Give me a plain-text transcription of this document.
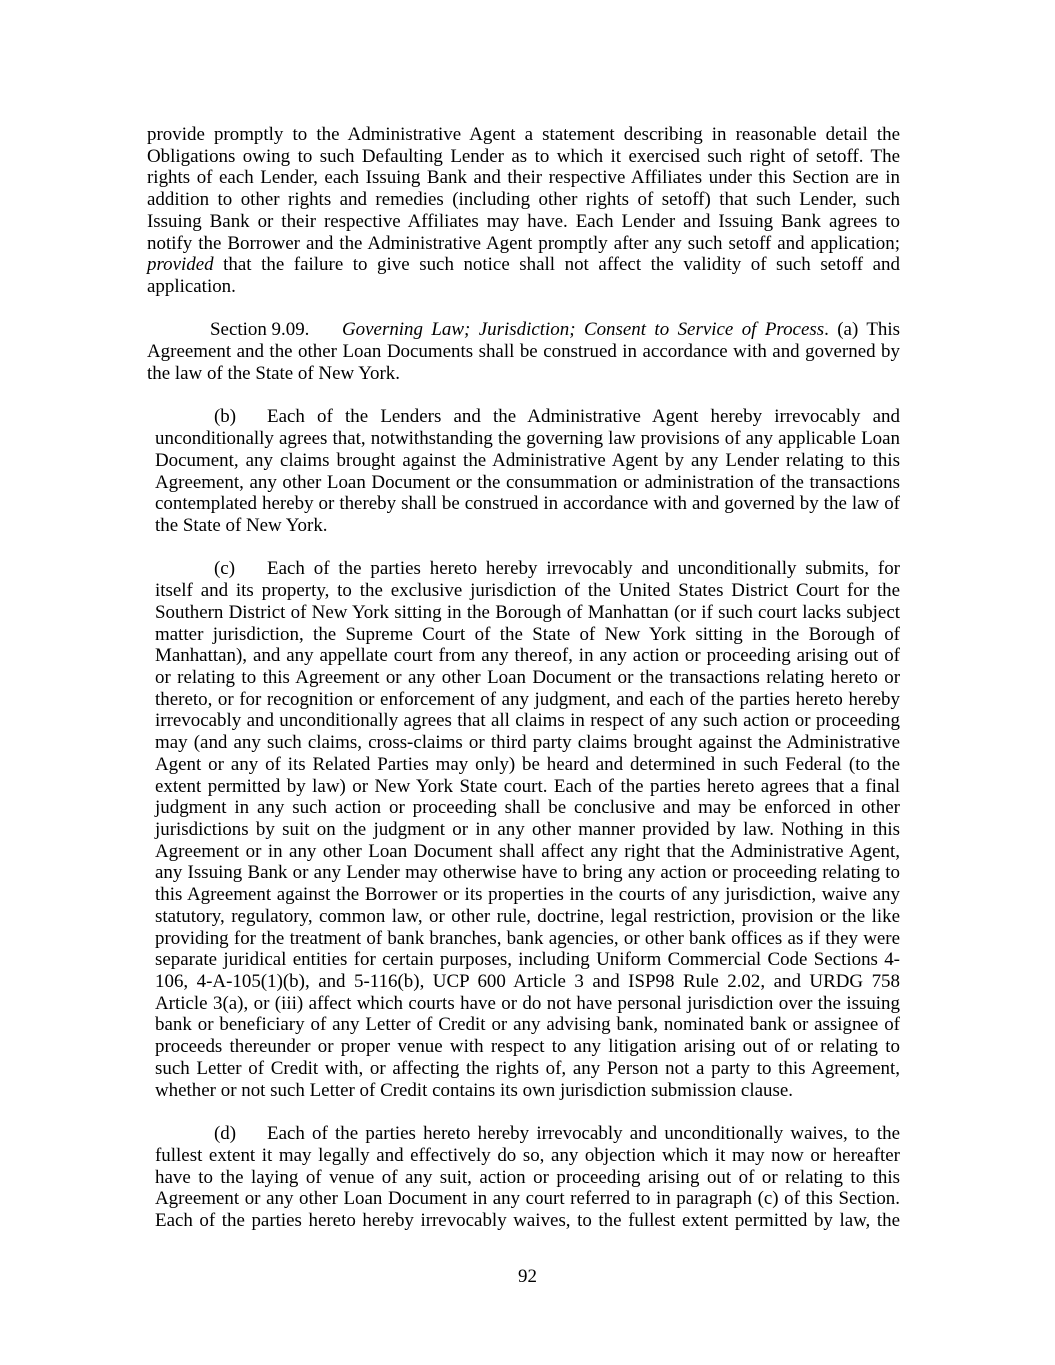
provide promptly to the Administrative Agent a statement describing in reasonable detail the
Obligations owing to such Defaulting Lender as to which it exercised such right of setoff. The
rights of each Lender, each Issuing Bank and their respective Affiliates under this Section are in
addition to other rights and remedies (including other rights of setoff) that such Lender, such
Issuing Bank or their respective Affiliates may have. Each Lender and Issuing Bank agrees to
notify the Borrower and the Administrative Agent promptly after any such setoff and application;
provided that the failure to give such notice shall not affect the validity of such setoff and
application.
Section 9.09. Governing Law; Jurisdiction; Consent to Service of Process. (a) This
Agreement and the other Loan Documents shall be construed in accordance with and governed by
the law of the State of New York.
(b) Each of the Lenders and the Administrative Agent hereby irrevocably and
unconditionally agrees that, notwithstanding the governing law provisions of any applicable Loan
Document, any claims brought against the Administrative Agent by any Lender relating to this
Agreement, any other Loan Document or the consummation or administration of the transactions
contemplated hereby or thereby shall be construed in accordance with and governed by the law of
the State of New York.
(c) Each of the parties hereto hereby irrevocably and unconditionally submits, for
itself and its property, to the exclusive jurisdiction of the United States District Court for the
Southern District of New York sitting in the Borough of Manhattan (or if such court lacks subject
matter jurisdiction, the Supreme Court of the State of New York sitting in the Borough of
Manhattan), and any appellate court from any thereof, in any action or proceeding arising out of
or relating to this Agreement or any other Loan Document or the transactions relating hereto or
thereto, or for recognition or enforcement of any judgment, and each of the parties hereto hereby
irrevocably and unconditionally agrees that all claims in respect of any such action or proceeding
may (and any such claims, cross-claims or third party claims brought against the Administrative
Agent or any of its Related Parties may only) be heard and determined in such Federal (to the
extent permitted by law) or New York State court. Each of the parties hereto agrees that a final
judgment in any such action or proceeding shall be conclusive and may be enforced in other
jurisdictions by suit on the judgment or in any other manner provided by law. Nothing in this
Agreement or in any other Loan Document shall affect any right that the Administrative Agent,
any Issuing Bank or any Lender may otherwise have to bring any action or proceeding relating to
this Agreement against the Borrower or its properties in the courts of any jurisdiction, waive any
statutory, regulatory, common law, or other rule, doctrine, legal restriction, provision or the like
providing for the treatment of bank branches, bank agencies, or other bank offices as if they were
separate juridical entities for certain purposes, including Uniform Commercial Code Sections 4-
106, 4-A-105(1)(b), and 5-116(b), UCP 600 Article 3 and ISP98 Rule 2.02, and URDG 758
Article 3(a), or (iii) affect which courts have or do not have personal jurisdiction over the issuing
bank or beneficiary of any Letter of Credit or any advising bank, nominated bank or assignee of
proceeds thereunder or proper venue with respect to any litigation arising out of or relating to
such Letter of Credit with, or affecting the rights of, any Person not a party to this Agreement,
whether or not such Letter of Credit contains its own jurisdiction submission clause.
(d) Each of the parties hereto hereby irrevocably and unconditionally waives, to the
fullest extent it may legally and effectively do so, any objection which it may now or hereafter
have to the laying of venue of any suit, action or proceeding arising out of or relating to this
Agreement or any other Loan Document in any court referred to in paragraph (c) of this Section.
Each of the parties hereto hereby irrevocably waives, to the fullest extent permitted by law, the
92
